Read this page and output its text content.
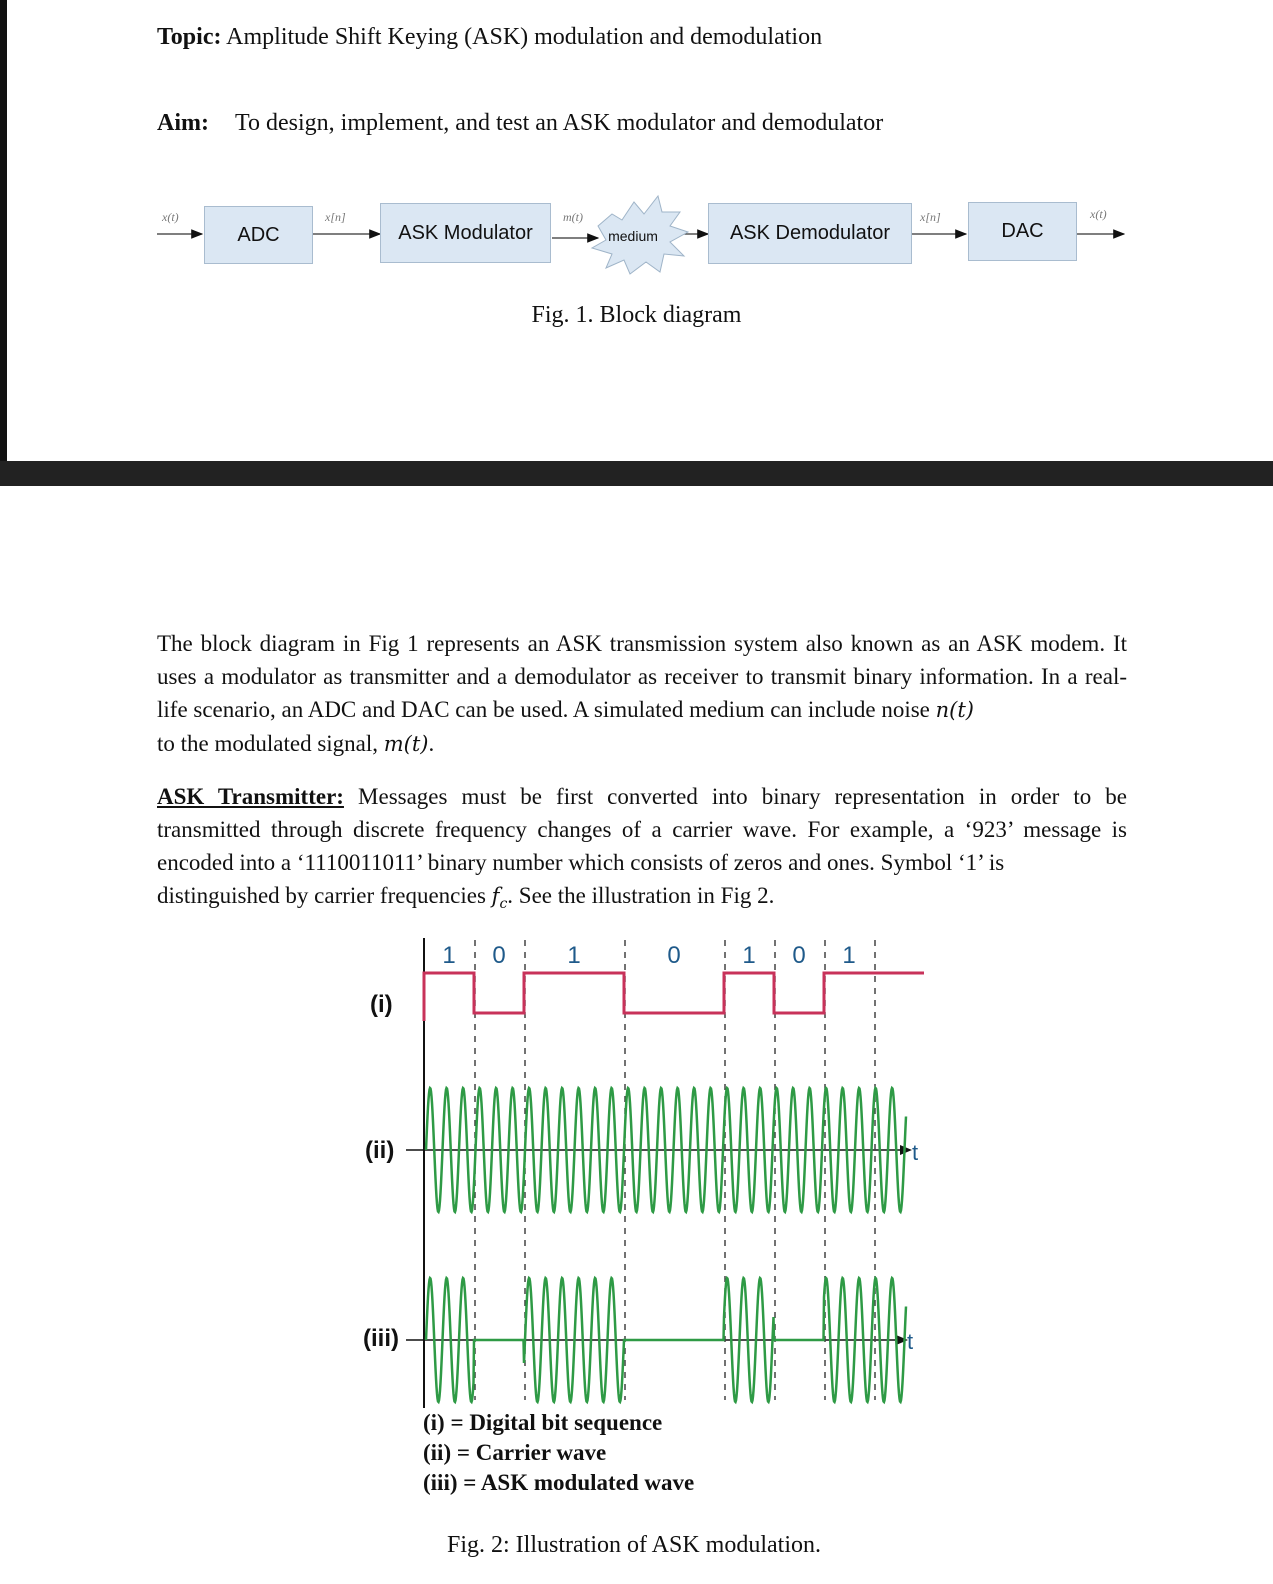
Topic: Amplitude Shift Keying (ASK) modulation and demodulation
Aim: To design, implement, and test an ASK modulator and demodulator
x(t)	x[n]	m(t)	x[n]	x(t)
medium
ADC	ASK Modulator	ASK Demodulator	DAC
Fig. 1. Block diagram

The block diagram in Fig 1 represents an ASK transmission system also known as an ASK modem. It uses a modulator as transmitter and a demodulator as receiver to transmit binary information. In a real-life scenario, an ADC and DAC can be used. A simulated medium can include noise n(t)
to the modulated signal, m(t).

ASK Transmitter: Messages must be first converted into binary representation in order to be transmitted through discrete frequency changes of a carrier wave. For example, a ‘923’ message is encoded into a ‘1110011011’ binary number which consists of zeros and ones. Symbol ‘1’ is
distinguished by carrier frequencies $f_c$. See the illustration in Fig 2.

1 0	1	0	1 0 1
t
t
(i)
(ii)
(iii)
(i) = Digital bit sequence
(ii) = Carrier wave
(iii) = ASK modulated wave
Fig. 2: Illustration of ASK modulation.
